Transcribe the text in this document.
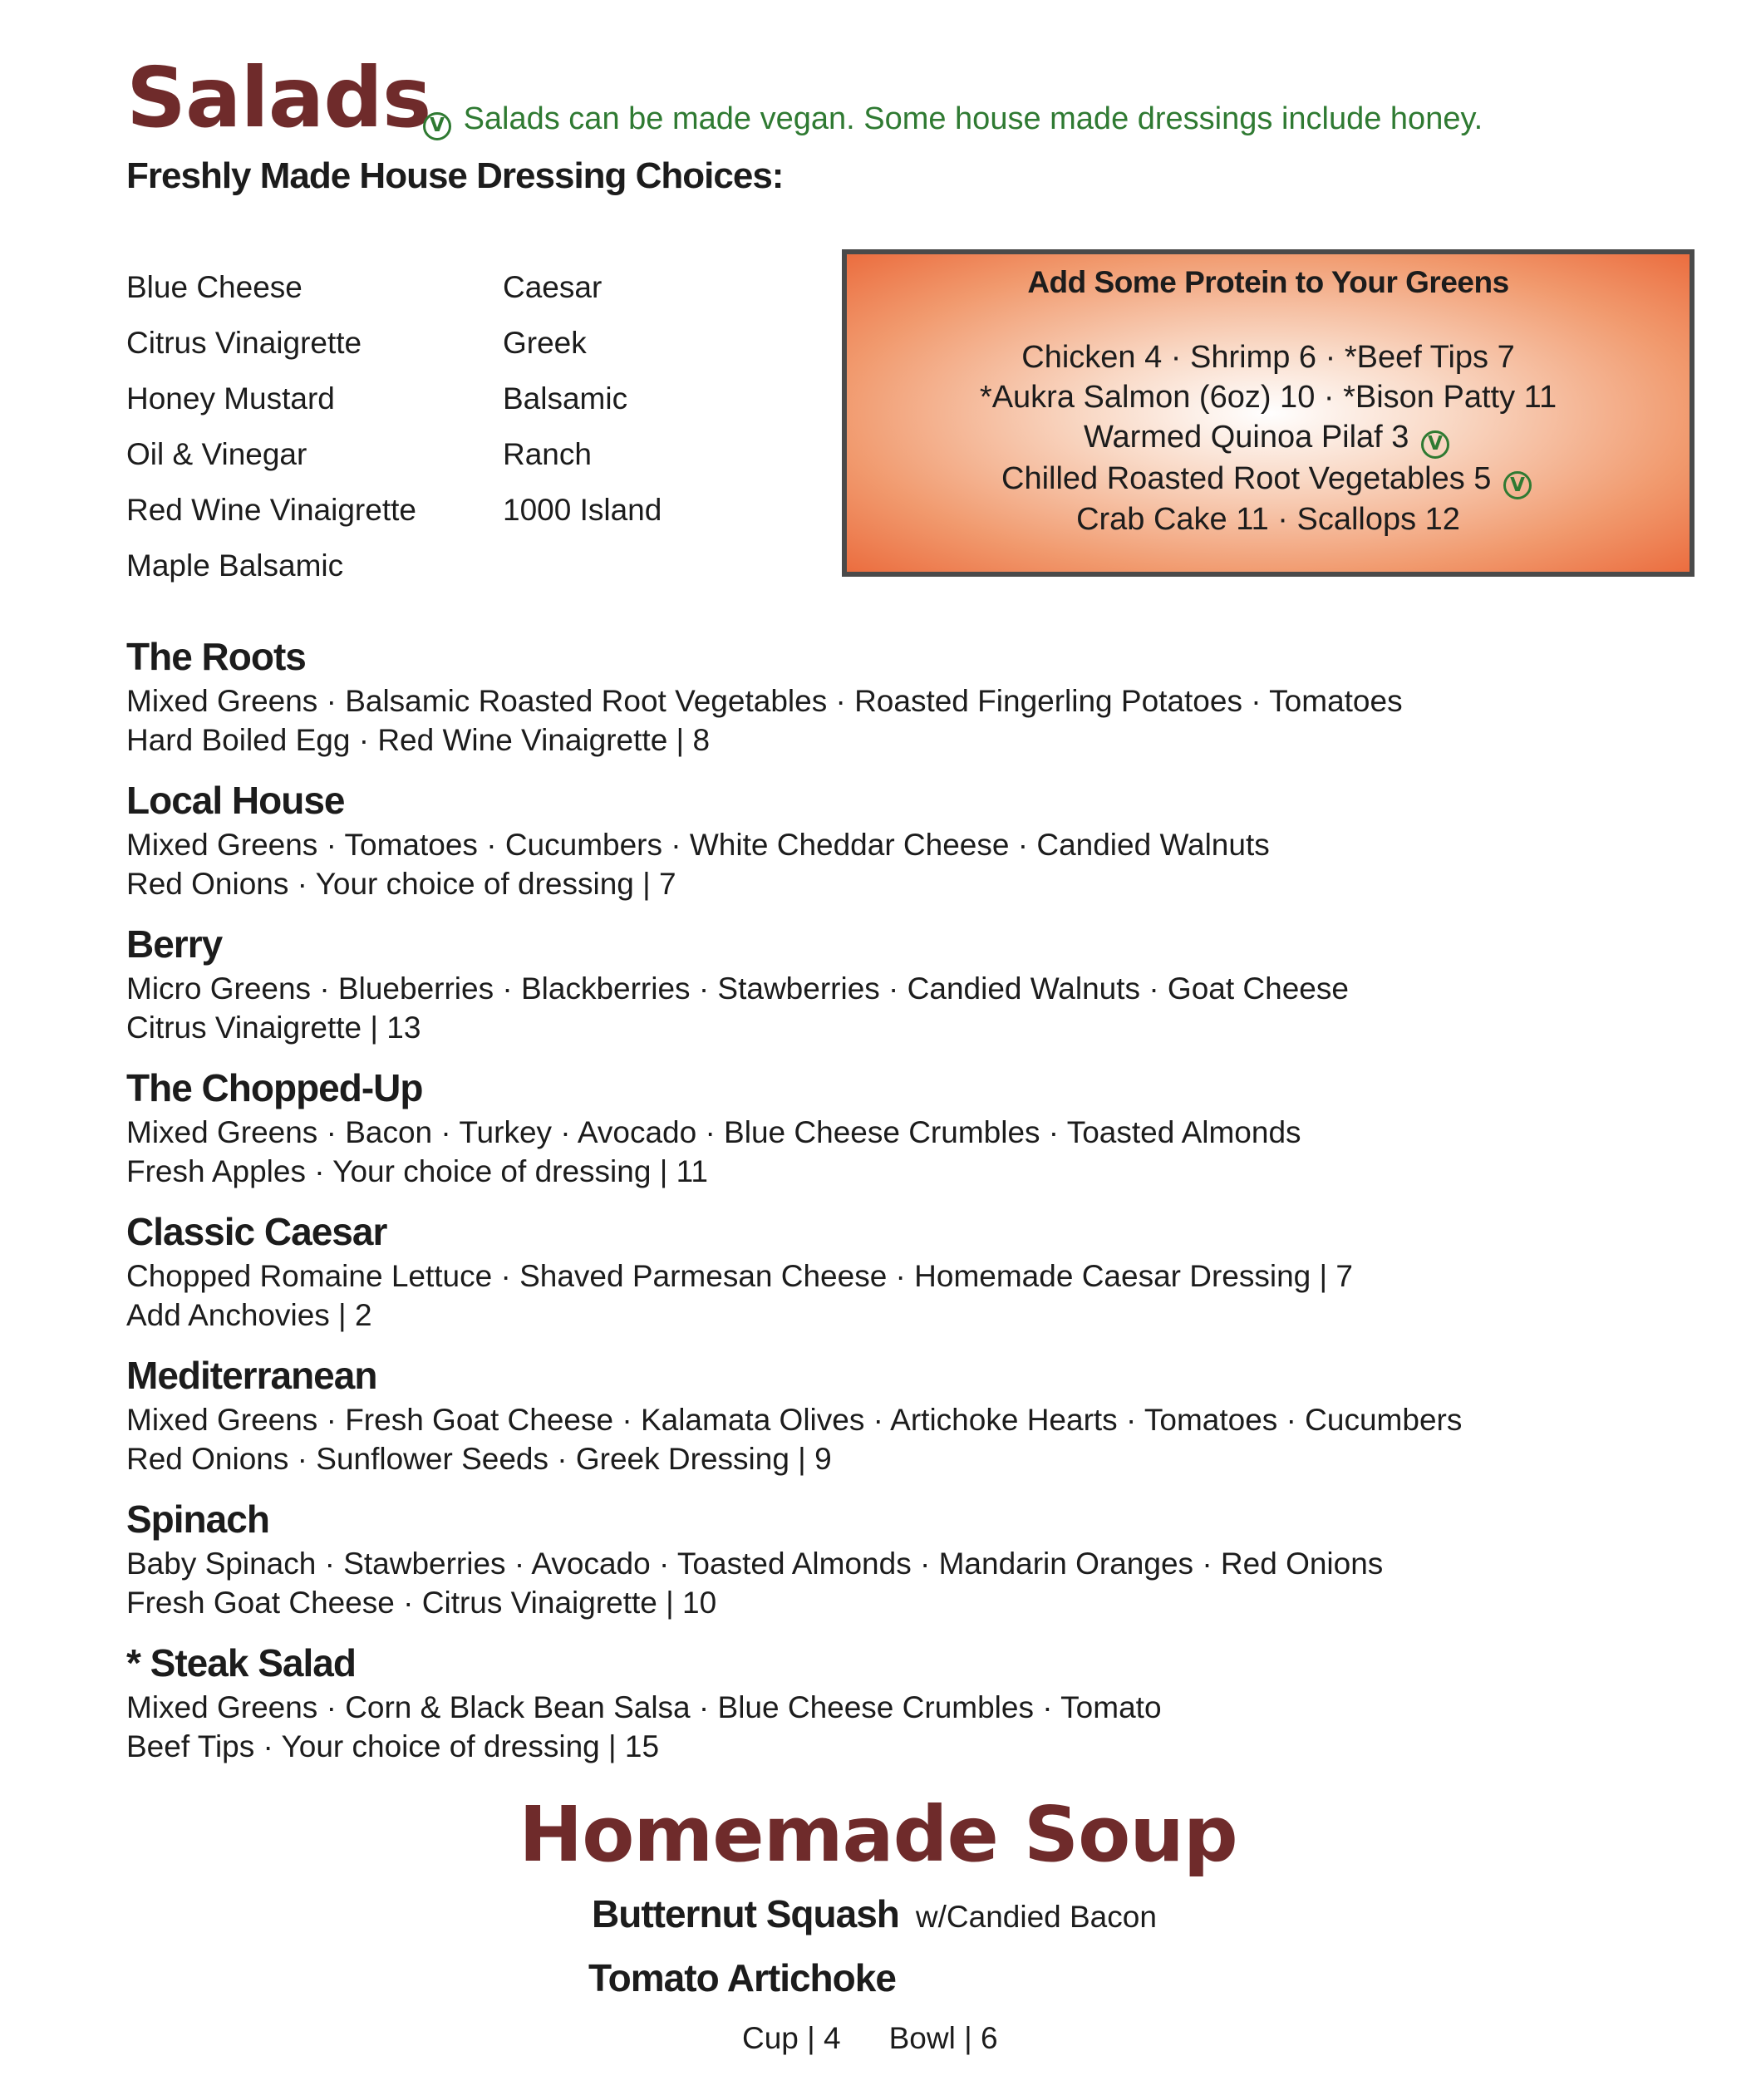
Salads
V Salads can be made vegan. Some house made dressings include honey.
Freshly Made House Dressing Choices:
Blue Cheese
Citrus Vinaigrette
Honey Mustard
Oil & Vinegar
Red Wine Vinaigrette
Maple Balsamic
Caesar
Greek
Balsamic
Ranch
1000 Island
Add Some Protein to Your Greens
Chicken 4 · Shrimp 6 · *Beef Tips 7
*Aukra Salmon (6oz) 10 · *Bison Patty 11
Warmed Quinoa Pilaf 3 V
Chilled Roasted Root Vegetables 5 V
Crab Cake 11 · Scallops 12
The Roots
Mixed Greens · Balsamic Roasted Root Vegetables · Roasted Fingerling Potatoes · Tomatoes
Hard Boiled Egg · Red Wine Vinaigrette | 8
Local House
Mixed Greens · Tomatoes · Cucumbers · White Cheddar Cheese · Candied Walnuts
Red Onions · Your choice of dressing | 7
Berry
Micro Greens · Blueberries · Blackberries · Stawberries · Candied Walnuts · Goat Cheese
Citrus Vinaigrette | 13
The Chopped-Up
Mixed Greens · Bacon · Turkey · Avocado · Blue Cheese Crumbles · Toasted Almonds
Fresh Apples · Your choice of dressing | 11
Classic Caesar
Chopped Romaine Lettuce · Shaved Parmesan Cheese · Homemade Caesar Dressing | 7
Add Anchovies | 2
Mediterranean
Mixed Greens · Fresh Goat Cheese · Kalamata Olives · Artichoke Hearts · Tomatoes · Cucumbers
Red Onions · Sunflower Seeds · Greek Dressing | 9
Spinach
Baby Spinach · Stawberries · Avocado · Toasted Almonds · Mandarin Oranges · Red Onions
Fresh Goat Cheese · Citrus Vinaigrette | 10
* Steak Salad
Mixed Greens · Corn & Black Bean Salsa · Blue Cheese Crumbles · Tomato
Beef Tips · Your choice of dressing | 15
Homemade Soup
Butternut Squash w/Candied Bacon
Tomato Artichoke
Cup | 4 Bowl | 6
